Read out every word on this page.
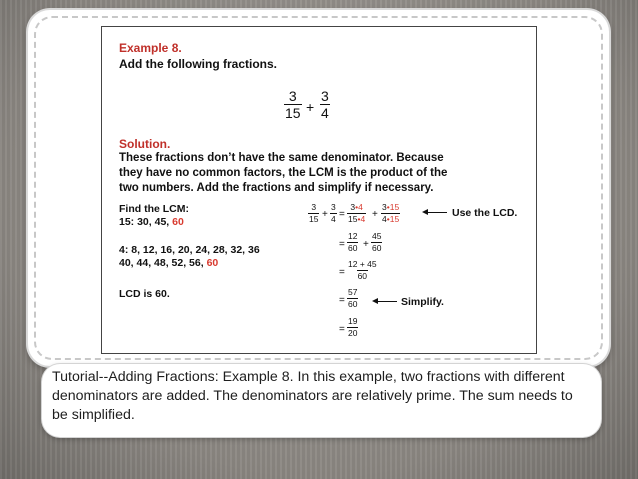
Example 8.
Add the following fractions.
$\frac{3}{15} + \frac{3}{4}$
Solution.
These fractions don’t have the same denominator. Because
they have no common factors, the LCM is the product of the
two numbers. Add the fractions and simplify if necessary.
Find the LCM:
15: 30, 45, 60
4: 8, 12, 16, 20, 24, 28, 32, 36
40, 44, 48, 52, 56, 60
LCD is 60.
$\frac{3}{15} + \frac{3}{4} = \frac{3•4}{15•4} + \frac{3•15}{4•15}$	Use the LCD.
= $\frac{12}{60} + \frac{45}{60}$
= $\frac{12 + 45}{60}$
= $\frac{57}{60}$	Simplify.
= $\frac{19}{20}$
Tutorial--Adding Fractions: Example 8. In this example, two fractions with different denominators are added. The denominators are relatively prime. The sum needs to be simplified.
